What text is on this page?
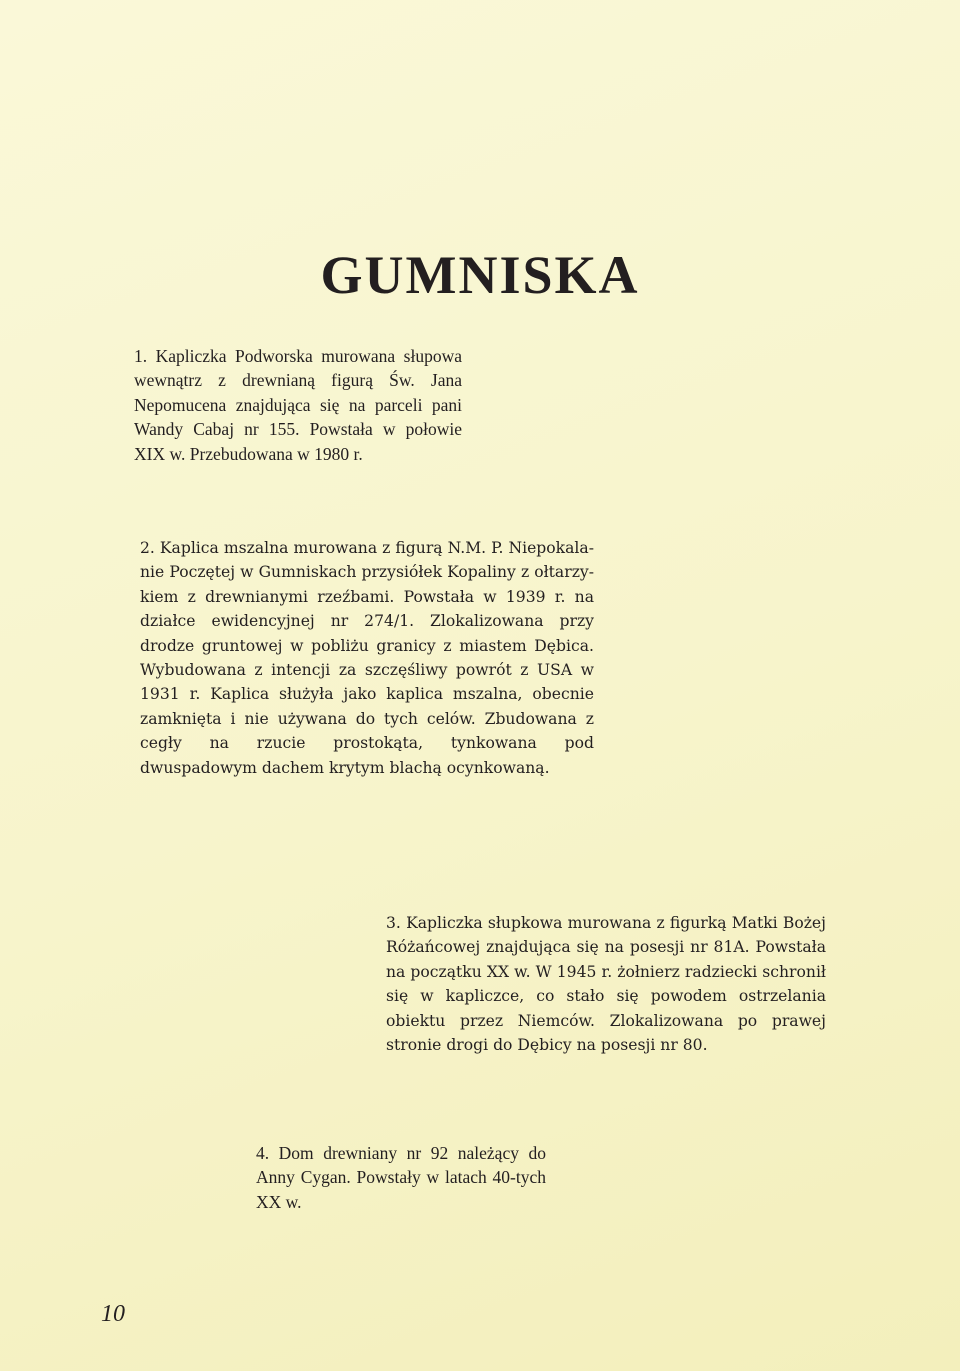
GUMNISKA

1. Kapliczka Podworska murowana słupowa wewnątrz z drewnianą figurą Św. Jana Nepomucena znajdująca się na parceli pani Wandy Cabaj nr 155. Powstała w połowie XIX w. Przebudowana w 1980 r.

2. Kaplica mszalna murowana z figurą N.M. P. Niepokalanie Poczętej w Gumniskach przysiółek Kopaliny z ołtarzykiem z drewnianymi rzeźbami. Powstała w 1939 r. na działce ewidencyjnej nr 274/1. Zlokalizowana przy drodze gruntowej w pobliżu granicy z miastem Dębica. Wybudowana z intencji za szczęśliwy powrót z USA w 1931 r. Kaplica służyła jako kaplica mszalna, obecnie zamknięta i nie używana do tych celów. Zbudowana z cegły na rzucie prostokąta, tynkowana pod dwuspadowym dachem krytym blachą ocynkowaną.

3. Kapliczka słupkowa murowana z figurką Matki Bożej Różańcowej znajdująca się na posesji nr 81A. Powstała na początku XX w. W 1945 r. żołnierz radziecki schronił się w kapliczce, co stało się powodem ostrzelania obiektu przez Niemców. Zlokalizowana po prawej stronie drogi do Dębicy na posesji nr 80.

4. Dom drewniany nr 92 należący do Anny Cygan. Powstały w latach 40-tych XX w.

10
